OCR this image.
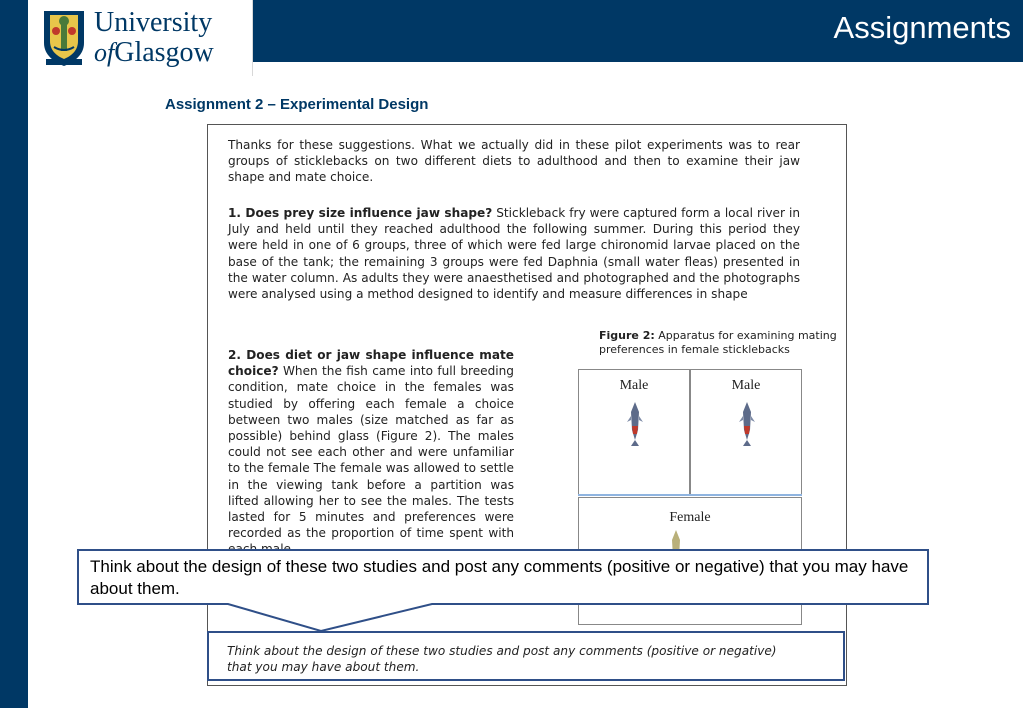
University
ofGlasgow
Assignments
Assignment 2 – Experimental Design

Thanks for these suggestions. What we actually did in these pilot experiments was to rear groups of sticklebacks on two different diets to adulthood and then to examine their jaw shape and mate choice.

1. Does prey size influence jaw shape? Stickleback fry were captured form a local river in July and held until they reached adulthood the following summer. During this period they were held in one of 6 groups, three of which were fed large chironomid larvae placed on the base of the tank; the remaining 3 groups were fed Daphnia (small water fleas) presented in the water column. As adults they were anaesthetised and photographed and the photographs were analysed using a method designed to identify and measure differences in shape

2. Does diet or jaw shape influence mate choice? When the fish came into full breeding condition, mate choice in the females was studied by offering each female a choice between two males (size matched as far as possible) behind glass (Figure 2). The males could not see each other and were unfamiliar to the female The female was allowed to settle in the viewing tank before a partition was lifted allowing her to see the males. The tests lasted for 5 minutes and preferences were recorded as the proportion of time spent with

Figure 2: Apparatus for examining mating preferences in female sticklebacks
Male	Male
Female

Think about the design of these two studies and post any comments (positive or negative) that you may have about them.

Think about the design of these two studies and post any comments (positive or negative) that you may have about them.
